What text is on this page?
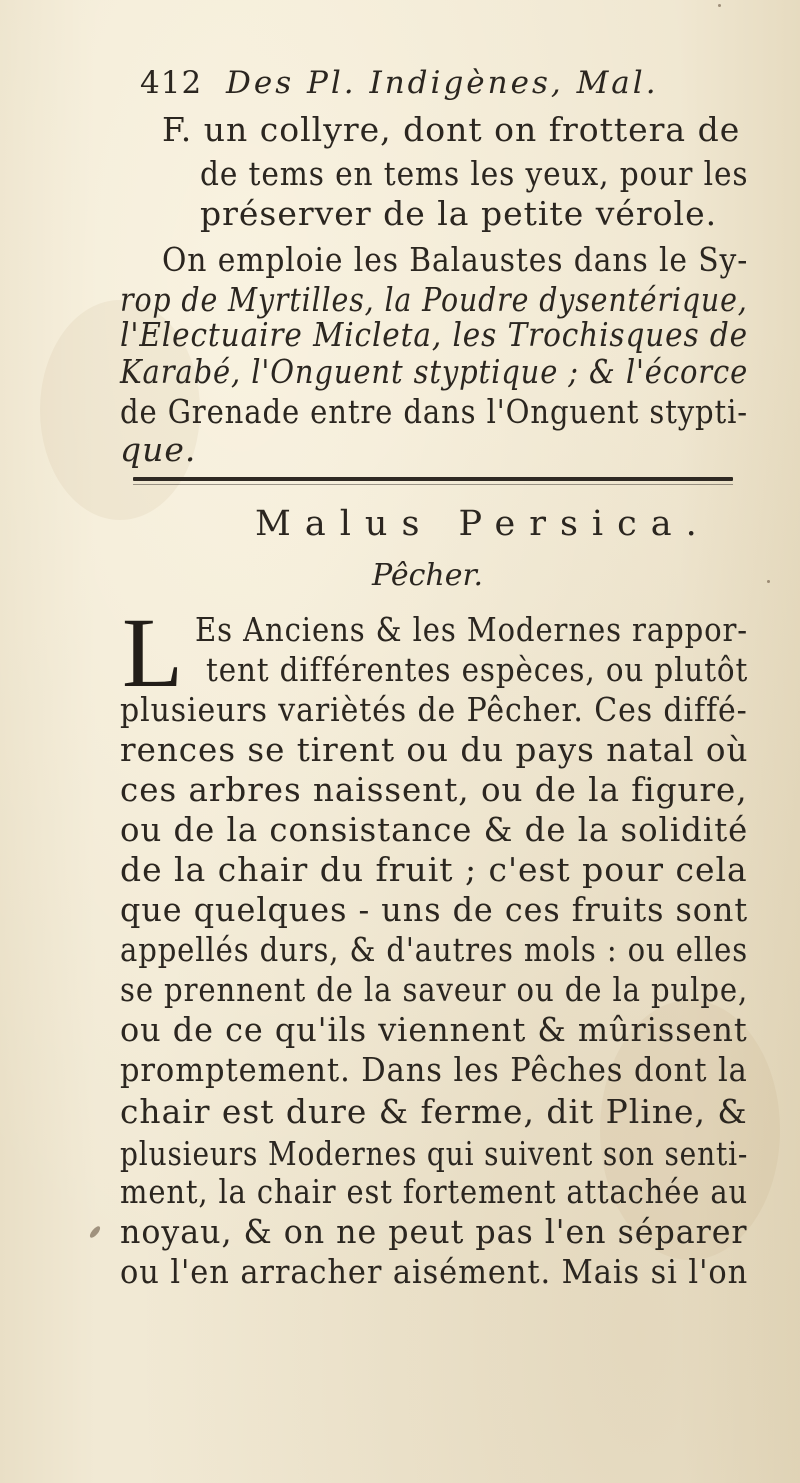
412 Des Pl. Indigènes, Mal.
F. un collyre, dont on frottera de
de tems en tems les yeux, pour les
préserver de la petite vérole.
On emploie les Balaustes dans le Sy-
rop de Myrtilles, la Poudre dysentérique,
l'Electuaire Micleta, les Trochisques de
Karabé, l'Onguent styptique ; & l'écorce
de Grenade entre dans l'Onguent stypti-
que.
Malus Persica.
Pêcher.
L Es Anciens & les Modernes rappor-
tent différentes espèces, ou plutôt
plusieurs variètés de Pêcher. Ces diffé-
rences se tirent ou du pays natal où
ces arbres naissent, ou de la figure,
ou de la consistance & de la solidité
de la chair du fruit ; c'est pour cela
que quelques - uns de ces fruits sont
appellés durs, & d'autres mols : ou elles
se prennent de la saveur ou de la pulpe,
ou de ce qu'ils viennent & mûrissent
promptement. Dans les Pêches dont la
chair est dure & ferme, dit Pline, &
plusieurs Modernes qui suivent son senti-
ment, la chair est fortement attachée au
noyau, & on ne peut pas l'en séparer
ou l'en arracher aisément. Mais si l'on
